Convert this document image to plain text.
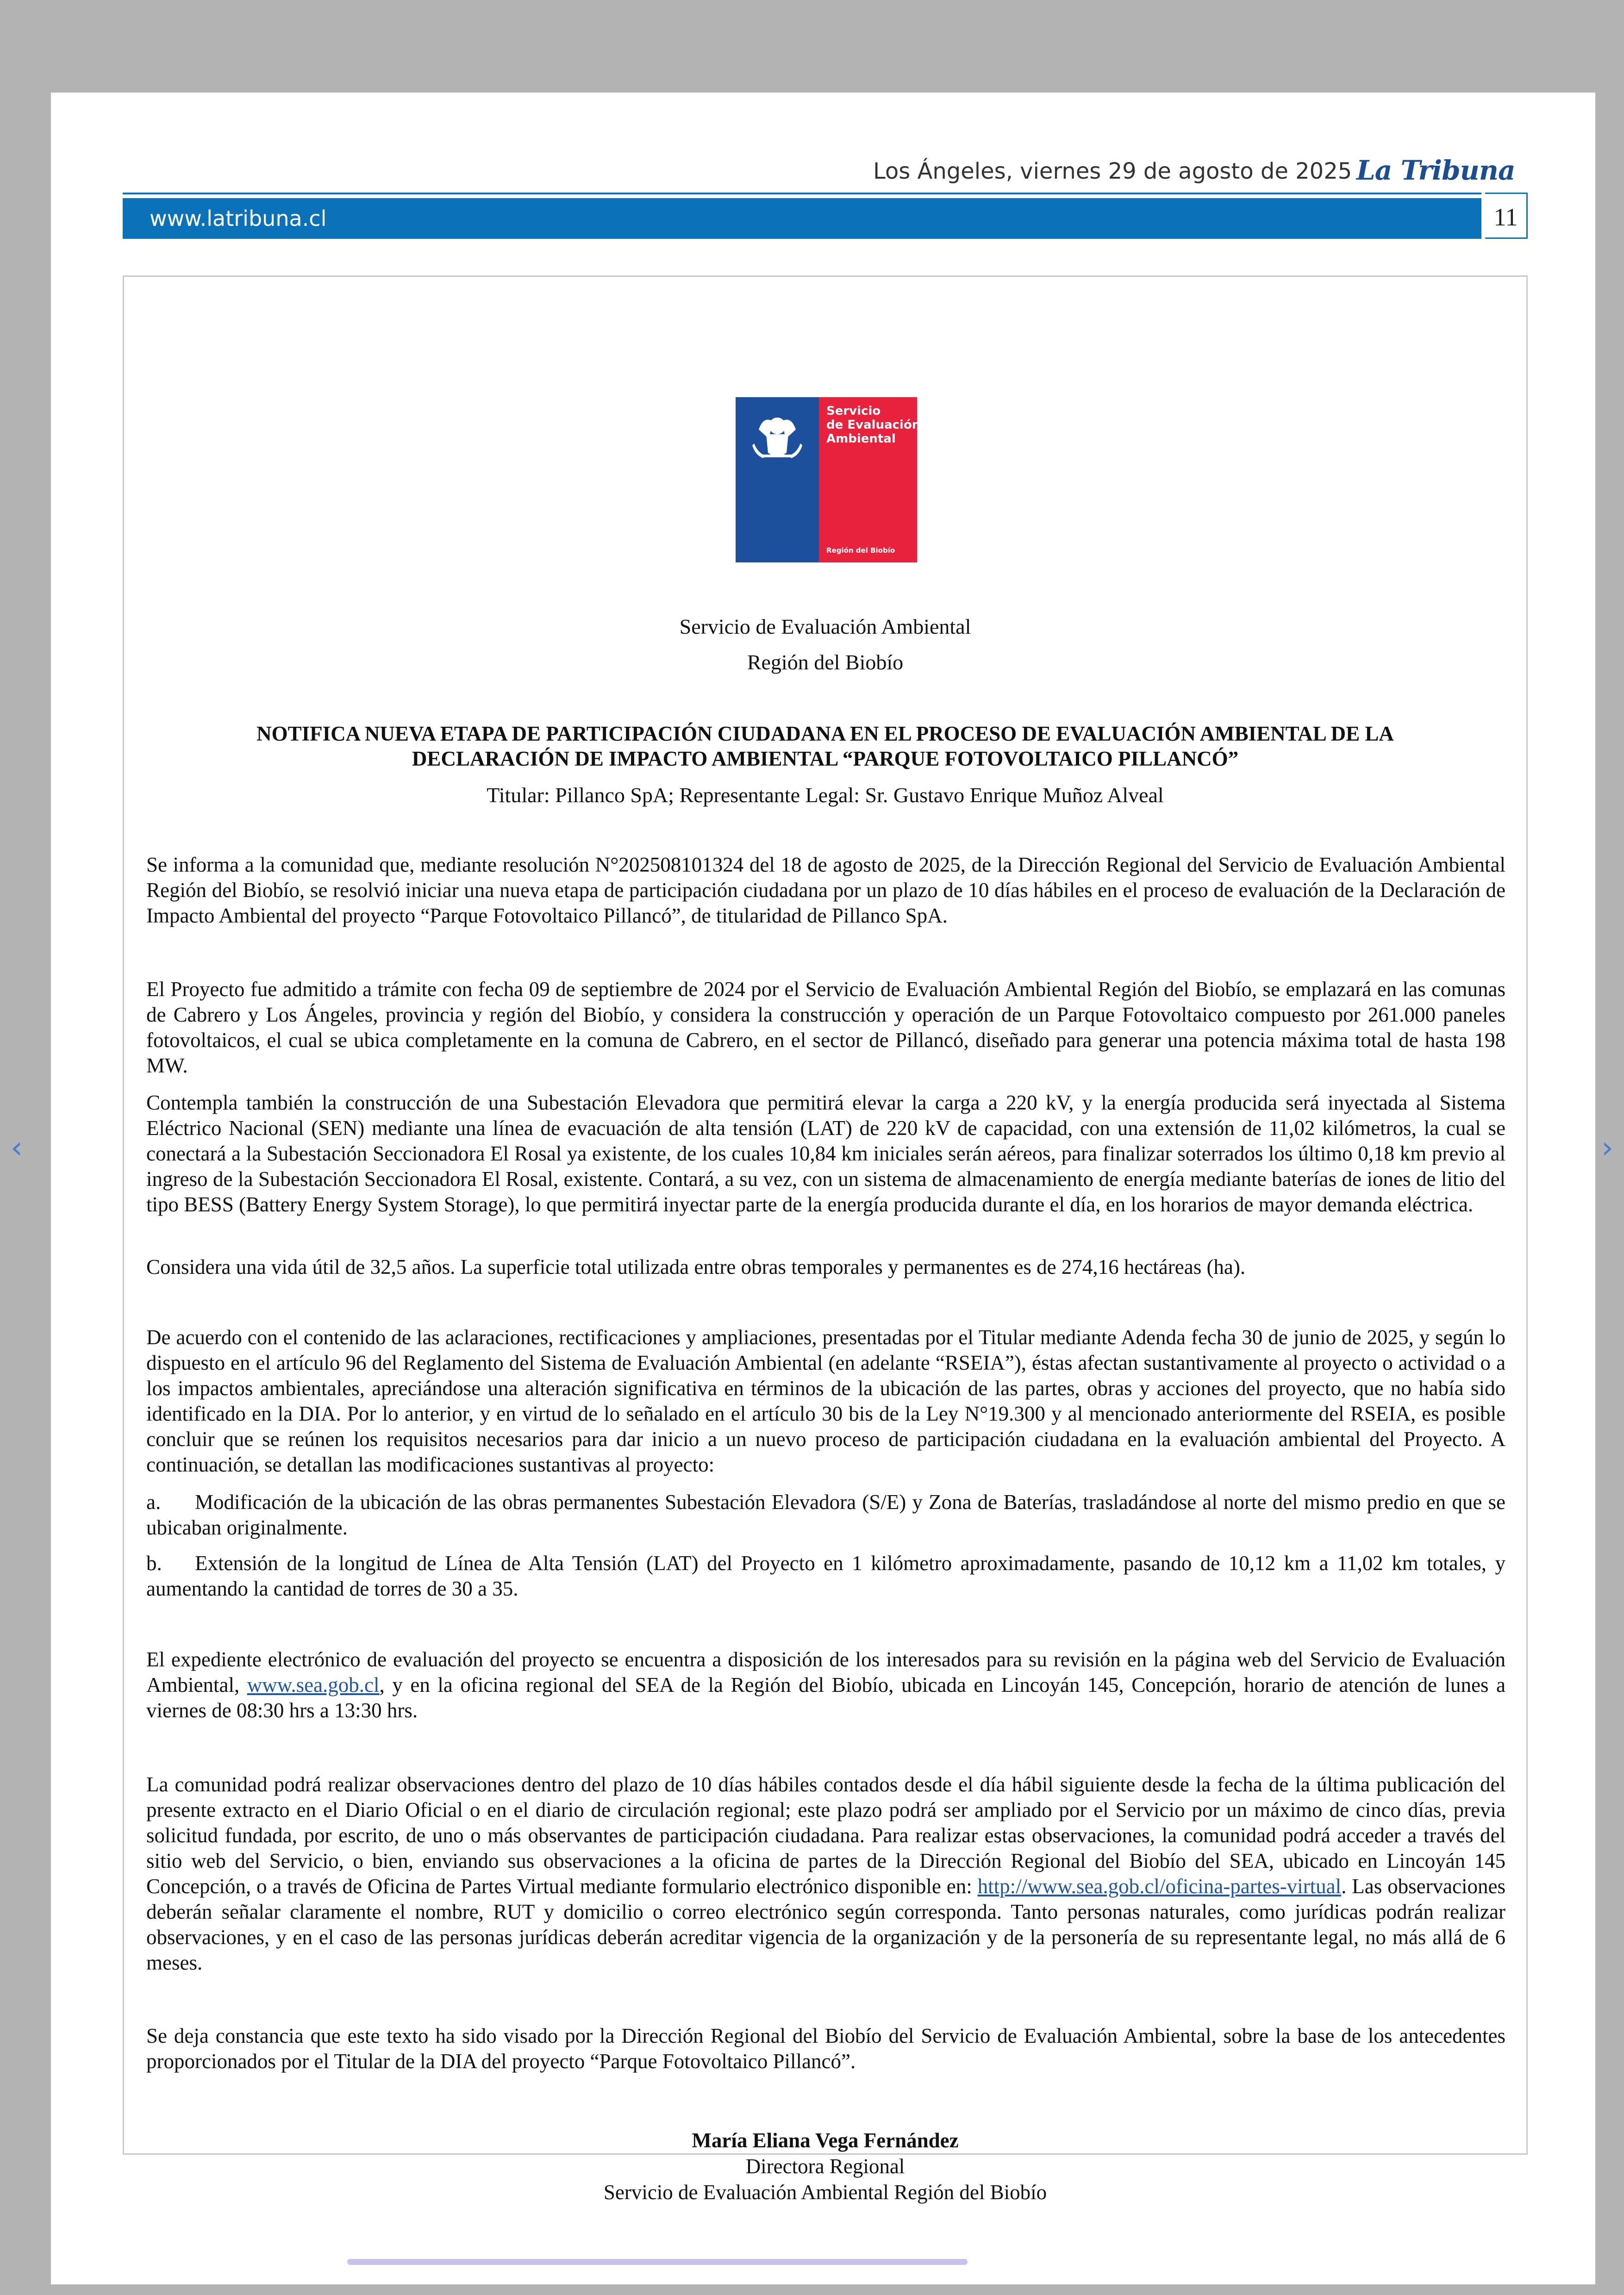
‹	›
Los Ángeles, viernes 29 de agosto de 2025 La Tribuna
www.latribuna.cl	11
Servicio
de Evaluación
Ambiental
Región del Biobío
Servicio de Evaluación Ambiental
Región del Biobío
NOTIFICA NUEVA ETAPA DE PARTICIPACIÓN CIUDADANA EN EL PROCESO DE EVALUACIÓN AMBIENTAL DE LA
DECLARACIÓN DE IMPACTO AMBIENTAL “PARQUE FOTOVOLTAICO PILLANCÓ”
Titular: Pillanco SpA; Representante Legal: Sr. Gustavo Enrique Muñoz Alveal

Se informa a la comunidad que, mediante resolución N°202508101324 del 18 de agosto de 2025, de la Dirección Regional del Servicio de Evaluación Ambiental Región del Biobío, se resolvió iniciar una nueva etapa de participación ciudadana por un plazo de 10 días hábiles en el proceso de evaluación de la Declaración de Impacto Ambiental del proyecto “Parque Fotovoltaico Pillancó”, de titularidad de Pillanco SpA.

El Proyecto fue admitido a trámite con fecha 09 de septiembre de 2024 por el Servicio de Evaluación Ambiental Región del Biobío, se emplazará en las comunas de Cabrero y Los Ángeles, provincia y región del Biobío, y considera la construcción y operación de un Parque Fotovoltaico compuesto por 261.000 paneles fotovoltaicos, el cual se ubica completamente en la comuna de Cabrero, en el sector de Pillancó, diseñado para generar una potencia máxima total de hasta 198 MW.

Contempla también la construcción de una Subestación Elevadora que permitirá elevar la carga a 220 kV, y la energía producida será inyectada al Sistema Eléctrico Nacional (SEN) mediante una línea de evacuación de alta tensión (LAT) de 220 kV de capacidad, con una extensión de 11,02 kilómetros, la cual se conectará a la Subestación Seccionadora El Rosal ya existente, de los cuales 10,84 km iniciales serán aéreos, para finalizar soterrados los último 0,18 km previo al ingreso de la Subestación Seccionadora El Rosal, existente. Contará, a su vez, con un sistema de almacenamiento de energía mediante baterías de iones de litio del tipo BESS (Battery Energy System Storage), lo que permitirá inyectar parte de la energía producida durante el día, en los horarios de mayor demanda eléctrica.

Considera una vida útil de 32,5 años. La superficie total utilizada entre obras temporales y permanentes es de 274,16 hectáreas (ha).

De acuerdo con el contenido de las aclaraciones, rectificaciones y ampliaciones, presentadas por el Titular mediante Adenda fecha 30 de junio de 2025, y según lo dispuesto en el artículo 96 del Reglamento del Sistema de Evaluación Ambiental (en adelante “RSEIA”), éstas afectan sustantivamente al proyecto o actividad o a los impactos ambientales, apreciándose una alteración significativa en términos de la ubicación de las partes, obras y acciones del proyecto, que no había sido identificado en la DIA. Por lo anterior, y en virtud de lo señalado en el artículo 30 bis de la Ley N°19.300 y al mencionado anteriormente del RSEIA, es posible concluir que se reúnen los requisitos necesarios para dar inicio a un nuevo proceso de participación ciudadana en la evaluación ambiental del Proyecto. A continuación, se detallan las modificaciones sustantivas al proyecto:

a. Modificación de la ubicación de las obras permanentes Subestación Elevadora (S/E) y Zona de Baterías, trasladándose al norte del mismo predio en que se ubicaban originalmente.

b. Extensión de la longitud de Línea de Alta Tensión (LAT) del Proyecto en 1 kilómetro aproximadamente, pasando de 10,12 km a 11,02 km totales, y aumentando la cantidad de torres de 30 a 35.

El expediente electrónico de evaluación del proyecto se encuentra a disposición de los interesados para su revisión en la página web del Servicio de Evaluación Ambiental, www.sea.gob.cl, y en la oficina regional del SEA de la Región del Biobío, ubicada en Lincoyán 145, Concepción, horario de atención de lunes a viernes de 08:30 hrs a 13:30 hrs.

La comunidad podrá realizar observaciones dentro del plazo de 10 días hábiles contados desde el día hábil siguiente desde la fecha de la última publicación del presente extracto en el Diario Oficial o en el diario de circulación regional; este plazo podrá ser ampliado por el Servicio por un máximo de cinco días, previa solicitud fundada, por escrito, de uno o más observantes de participación ciudadana. Para realizar estas observaciones, la comunidad podrá acceder a través del sitio web del Servicio, o bien, enviando sus observaciones a la oficina de partes de la Dirección Regional del Biobío del SEA, ubicado en Lincoyán 145 Concepción, o a través de Oficina de Partes Virtual mediante formulario electrónico disponible en: http://www.sea.gob.cl/oficina-partes-virtual. Las observaciones deberán señalar claramente el nombre, RUT y domicilio o correo electrónico según corresponda. Tanto personas naturales, como jurídicas podrán realizar observaciones, y en el caso de las personas jurídicas deberán acreditar vigencia de la organización y de la personería de su representante legal, no más allá de 6 meses.

Se deja constancia que este texto ha sido visado por la Dirección Regional del Biobío del Servicio de Evaluación Ambiental, sobre la base de los antecedentes proporcionados por el Titular de la DIA del proyecto “Parque Fotovoltaico Pillancó”.

María Eliana Vega Fernández
Directora Regional
Servicio de Evaluación Ambiental Región del Biobío
